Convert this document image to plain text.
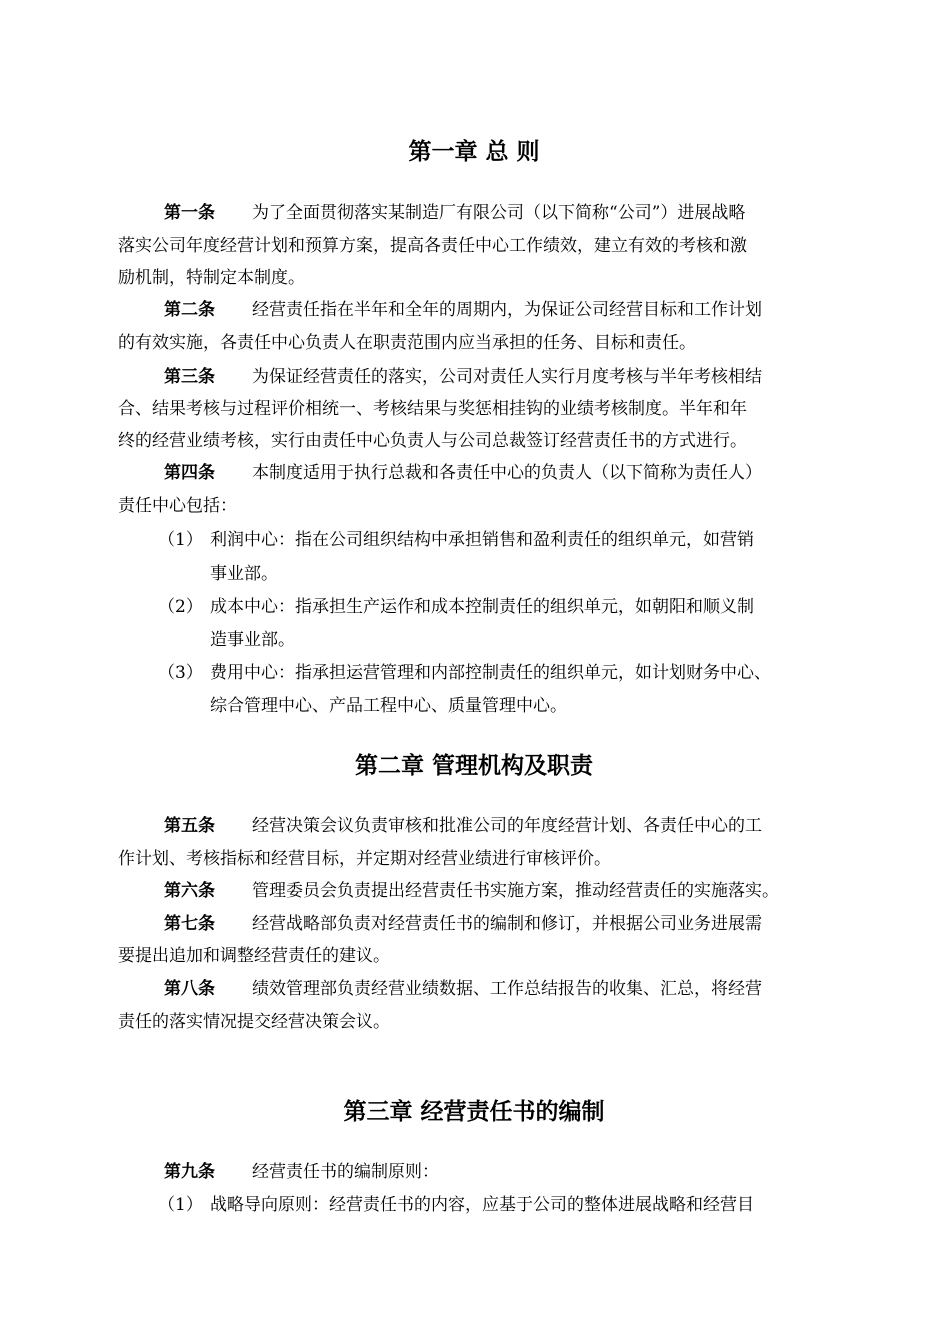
第一章 总 则

第一条 为了全面贯彻落实某制造厂有限公司（以下简称“公司”）进展战略

落实公司年度经营计划和预算方案，提高各责任中心工作绩效，建立有效的考核和激

励机制，特制定本制度。

第二条 经营责任指在半年和全年的周期内，为保证公司经营目标和工作计划

的有效实施，各责任中心负责人在职责范围内应当承担的任务、目标和责任。

第三条 为保证经营责任的落实，公司对责任人实行月度考核与半年考核相结

合、结果考核与过程评价相统一、考核结果与奖惩相挂钩的业绩考核制度。半年和年

终的经营业绩考核，实行由责任中心负责人与公司总裁签订经营责任书的方式进行。

第四条 本制度适用于执行总裁和各责任中心的负责人（以下简称为责任人）

责任中心包括：

（1） 利润中心：指在公司组织结构中承担销售和盈利责任的组织单元，如营销

事业部。

（2） 成本中心：指承担生产运作和成本控制责任的组织单元，如朝阳和顺义制

造事业部。

（3） 费用中心：指承担运营管理和内部控制责任的组织单元，如计划财务中心、

综合管理中心、产品工程中心、质量管理中心。

第二章 管理机构及职责

第五条 经营决策会议负责审核和批准公司的年度经营计划、各责任中心的工

作计划、考核指标和经营目标，并定期对经营业绩进行审核评价。

第六条 管理委员会负责提出经营责任书实施方案，推动经营责任的实施落实。

第七条 经营战略部负责对经营责任书的编制和修订，并根据公司业务进展需

要提出追加和调整经营责任的建议。

第八条 绩效管理部负责经营业绩数据、工作总结报告的收集、汇总，将经营

责任的落实情况提交经营决策会议。

第三章 经营责任书的编制

第九条 经营责任书的编制原则：

（1） 战略导向原则：经营责任书的内容，应基于公司的整体进展战略和经营目
